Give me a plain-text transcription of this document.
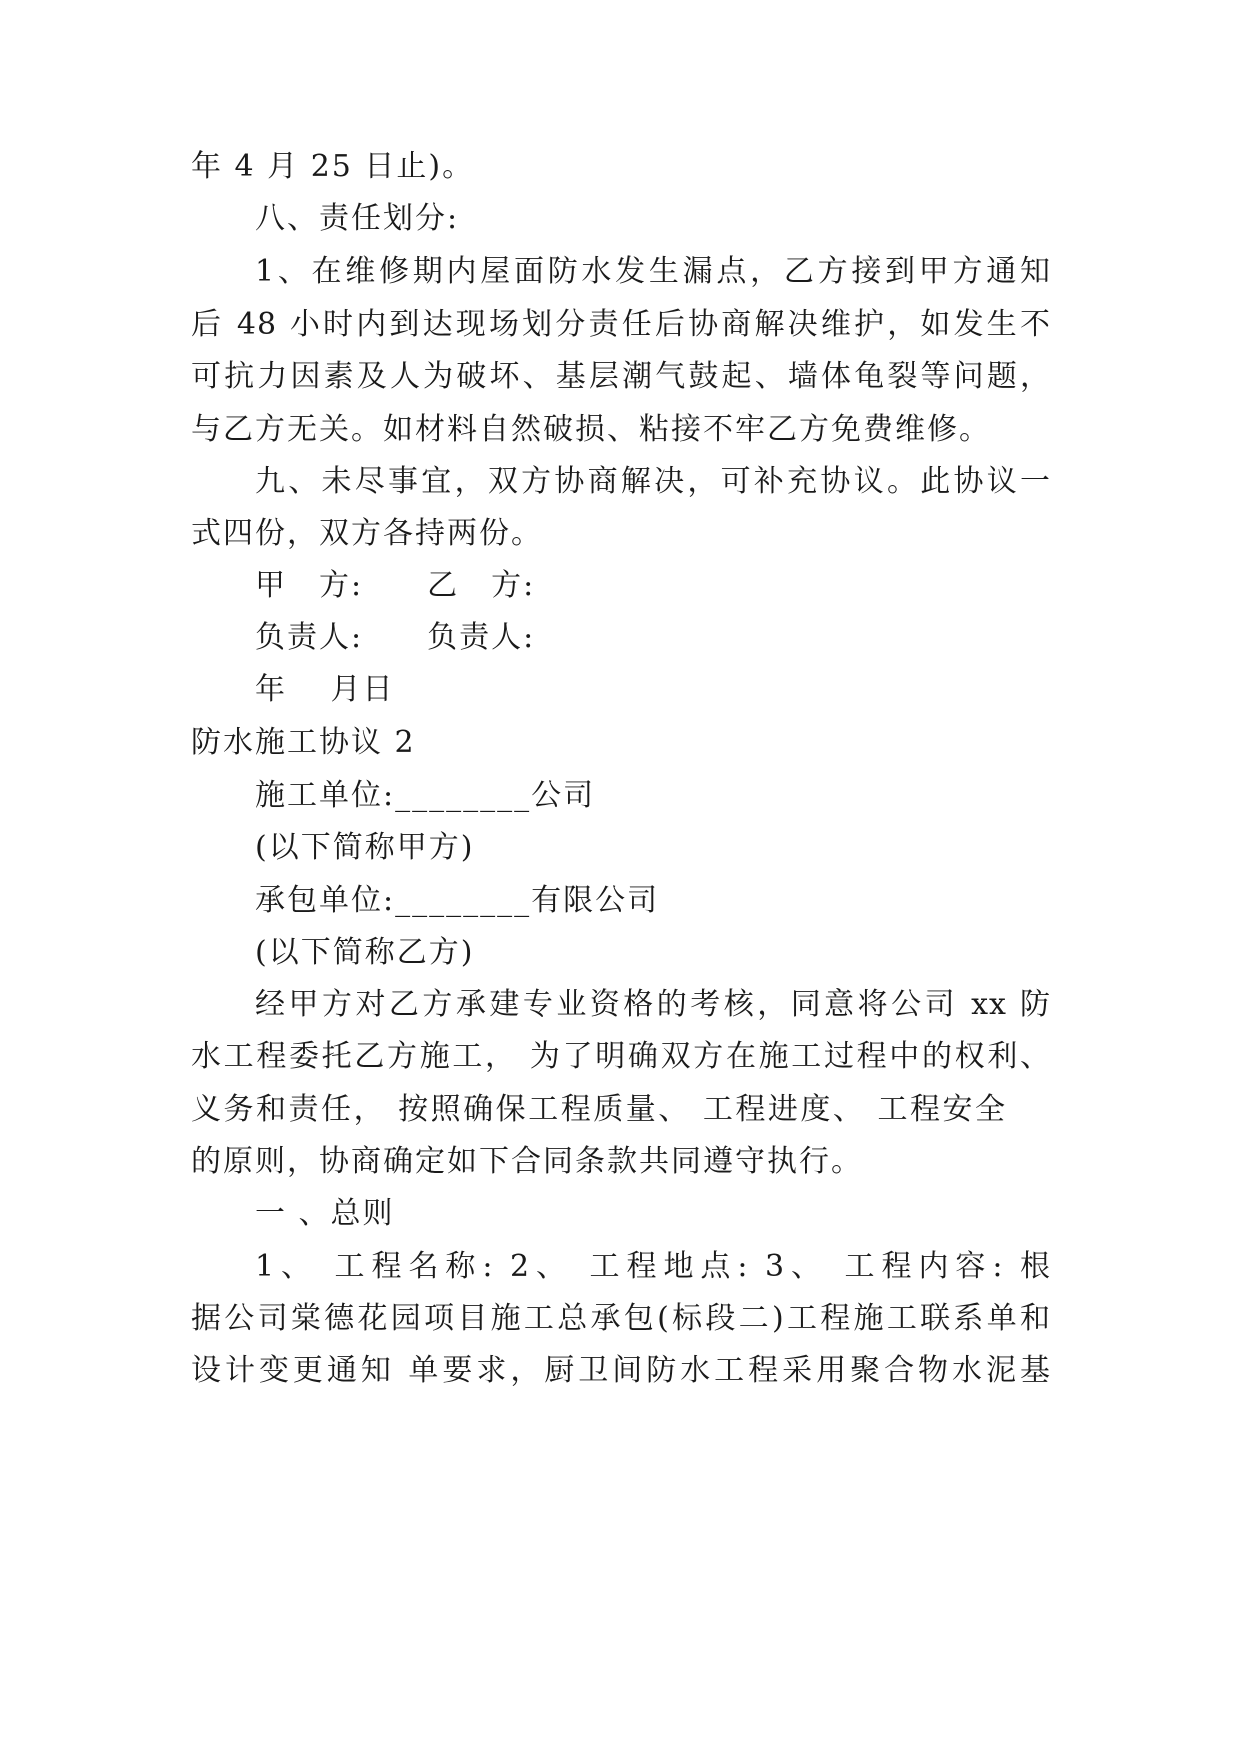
年 4 月 25 日止)。
八、责任划分:
1、在维修期内屋面防水发生漏点，乙方接到甲方通知
后 48 小时内到达现场划分责任后协商解决维护，如发生不
可抗力因素及人为破坏、基层潮气鼓起、墙体龟裂等问题，
与乙方无关。如材料自然破损、粘接不牢乙方免费维修。
九、未尽事宜，双方协商解决，可补充协议。此协议一
式四份，双方各持两份。
甲　方:　　乙　方:
负责人:　　负责人:
年　 月日
防水施工协议 2
施工单位:________公司
(以下简称甲方)
承包单位:________有限公司
(以下简称乙方)
经甲方对乙方承建专业资格的考核，同意将公司 xx 防
水工程委托乙方施工， 为了明确双方在施工过程中的权利、
义务和责任， 按照确保工程质量、 工程进度、 工程安全
的原则，协商确定如下合同条款共同遵守执行。
一 、总则
1、 工程名称: 2、 工程地点: 3、 工程内容: 根
据公司棠德花园项目施工总承包(标段二)工程施工联系单和
设计变更通知 单要求，厨卫间防水工程采用聚合物水泥基
